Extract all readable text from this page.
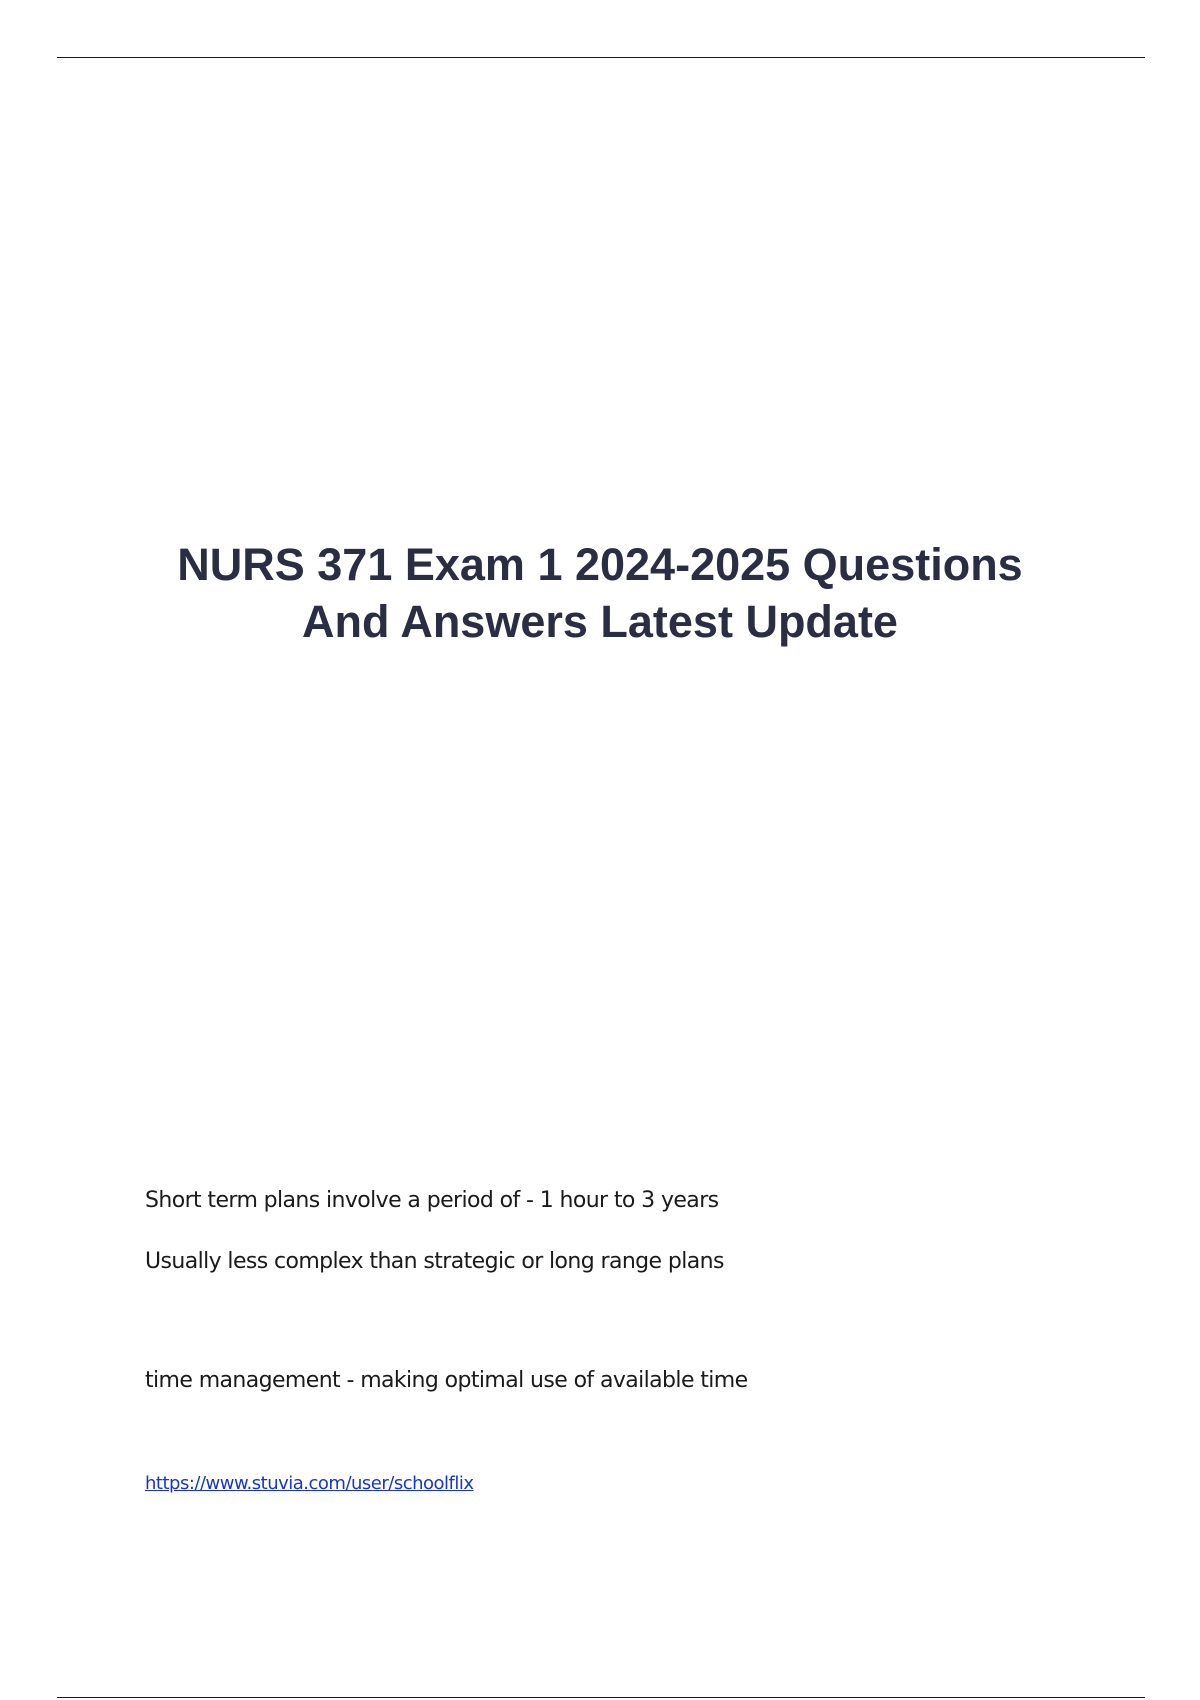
NURS 371 Exam 1 2024-2025 Questions
And Answers Latest Update

Short term plans involve a period of - 1 hour to 3 years

Usually less complex than strategic or long range plans

time management - making optimal use of available time

https://www.stuvia.com/user/schoolflix
